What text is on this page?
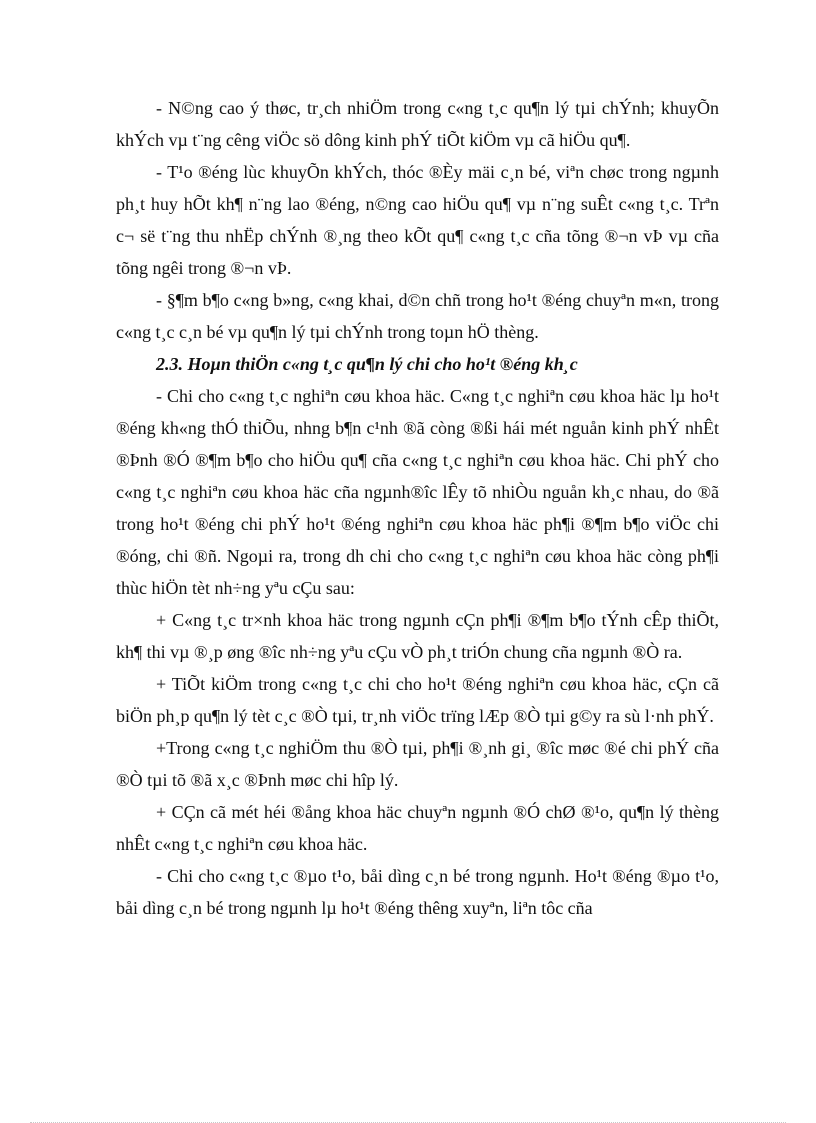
- N©ng cao ý thøc, tr¸ch nhiÖm trong c«ng t¸c qu¶n lý tµi chÝnh; khuyÕn khÝch vµ t¨ng cêng viÖc sö dông kinh phÝ tiÕt kiÖm vµ cã hiÖu qu¶.

- T¹o ®éng lùc khuyÕn khÝch, thóc ®Èy mäi c¸n bé, viªn chøc trong ngµnh ph¸t huy hÕt kh¶ n¨ng lao ®éng, n©ng cao hiÖu qu¶ vµ n¨ng suÊt c«ng t¸c. Trªn c¬ së t¨ng thu nhËp chÝnh ®¸ng theo kÕt qu¶ c«ng t¸c cña tõng ®¬n vÞ vµ cña tõng ngêi trong ®¬n vÞ.

- §¶m b¶o c«ng b»ng, c«ng khai, d©n chñ trong ho¹t ®éng chuyªn m«n, trong c«ng t¸c c¸n bé vµ qu¶n lý tµi chÝnh trong toµn hÖ thèng.

2.3. Hoµn thiÖn c«ng t¸c qu¶n lý chi cho ho¹t ®éng kh¸c

- Chi cho c«ng t¸c nghiªn cøu khoa häc. C«ng t¸c nghiªn cøu khoa häc lµ ho¹t ®éng kh«ng thÓ thiÕu, nhng b¶n c¹nh ®ã còng ®ßi hái mét nguån kinh phÝ nhÊt ®Þnh ®Ó ®¶m b¶o cho hiÖu qu¶ cña c«ng t¸c nghiªn cøu khoa häc. Chi phÝ cho c«ng t¸c nghiªn cøu khoa häc cña ngµnh®îc lÊy tõ nhiÒu nguån kh¸c nhau, do ®ã trong ho¹t ®éng chi phÝ ho¹t ®éng nghiªn cøu khoa häc ph¶i ®¶m b¶o viÖc chi ®óng, chi ®ñ. Ngoµi ra, trong dh chi cho c«ng t¸c nghiªn cøu khoa häc còng ph¶i thùc hiÖn tèt nh÷ng yªu cÇu sau:

+ C«ng t¸c tr×nh khoa häc trong ngµnh cÇn ph¶i ®¶m b¶o tÝnh cÊp thiÕt, kh¶ thi vµ ®¸p øng ®îc nh÷ng yªu cÇu vÒ ph¸t triÓn chung cña ngµnh ®Ò ra.

+ TiÕt kiÖm trong c«ng t¸c chi cho ho¹t ®éng nghiªn cøu khoa häc, cÇn cã biÖn ph¸p qu¶n lý tèt c¸c ®Ò tµi, tr¸nh viÖc trïng lÆp ®Ò tµi g©y ra sù l·nh phÝ.

+Trong c«ng t¸c nghiÖm thu ®Ò tµi, ph¶i ®¸nh gi¸ ®îc møc ®é chi phÝ cña ®Ò tµi tõ ®ã x¸c ®Þnh møc chi hîp lý.

+ CÇn cã mét héi ®ång khoa häc chuyªn ngµnh ®Ó chØ ®¹o, qu¶n lý thèng nhÊt c«ng t¸c nghiªn cøu khoa häc.

- Chi cho c«ng t¸c ®µo t¹o, båi dìng c¸n bé trong ngµnh. Ho¹t ®éng ®µo t¹o, båi dìng c¸n bé trong ngµnh lµ ho¹t ®éng thêng xuyªn, liªn tôc cña
